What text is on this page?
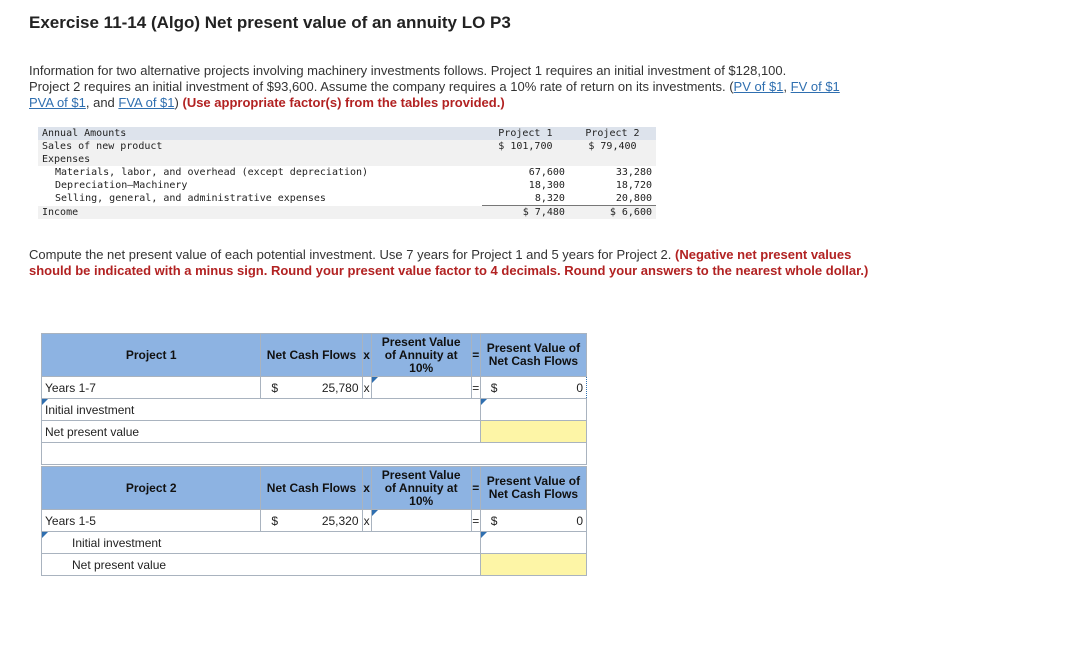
Exercise 11-14 (Algo) Net present value of an annuity LO P3
Information for two alternative projects involving machinery investments follows. Project 1 requires an initial investment of $128,100.
Project 2 requires an initial investment of $93,600. Assume the company requires a 10% rate of return on its investments. (PV of $1, FV of $1
PVA of $1, and FVA of $1) (Use appropriate factor(s) from the tables provided.)
Annual Amounts	Project 1	Project 2
Sales of new product	$ 101,700	$ 79,400
Expenses		
Materials, labor, and overhead (except depreciation)	67,600	33,280
Depreciation—Machinery	18,300	18,720
Selling, general, and administrative expenses	8,320	20,800
Income	$ 7,480	$ 6,600
Compute the net present value of each potential investment. Use 7 years for Project 1 and 5 years for Project 2. (Negative net present values should be indicated with a minus sign. Round your present value factor to 4 decimals. Round your answers to the nearest whole dollar.)
Project 1	Net Cash Flows	x	Present Value of Annuity at 10%	=	Present Value of Net Cash Flows
Years 1-7	$ 25,780	x		=	$ 0

Initial investment					
Net present value					

Project 2	Net Cash Flows	x	Present Value of Annuity at 10%	=	Present Value of Net Cash Flows
Years 1-5	$ 25,320	x		=	$ 0

Initial investment					
Net present value					
